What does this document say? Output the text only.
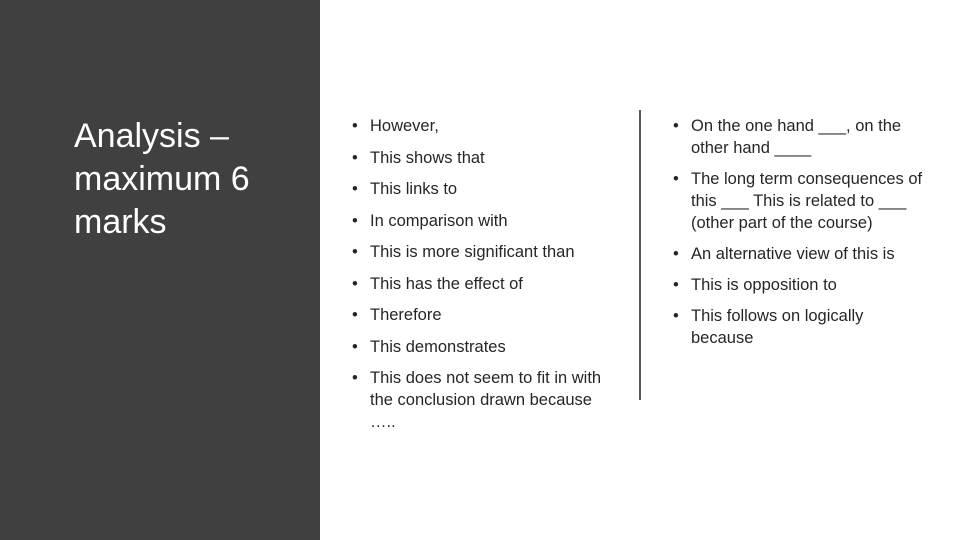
Analysis – maximum 6 marks
• However,
• This shows that
• This links to
• In comparison with
• This is more significant than
• This has the effect of
• Therefore
• This demonstrates
• This does not seem to fit in with the conclusion drawn because …..
• On the one hand ___, on the other hand ____
• The long term consequences of this ___ This is related to ___ (other part of the course)
• An alternative view of this is
• This is opposition to
• This follows on logically because
